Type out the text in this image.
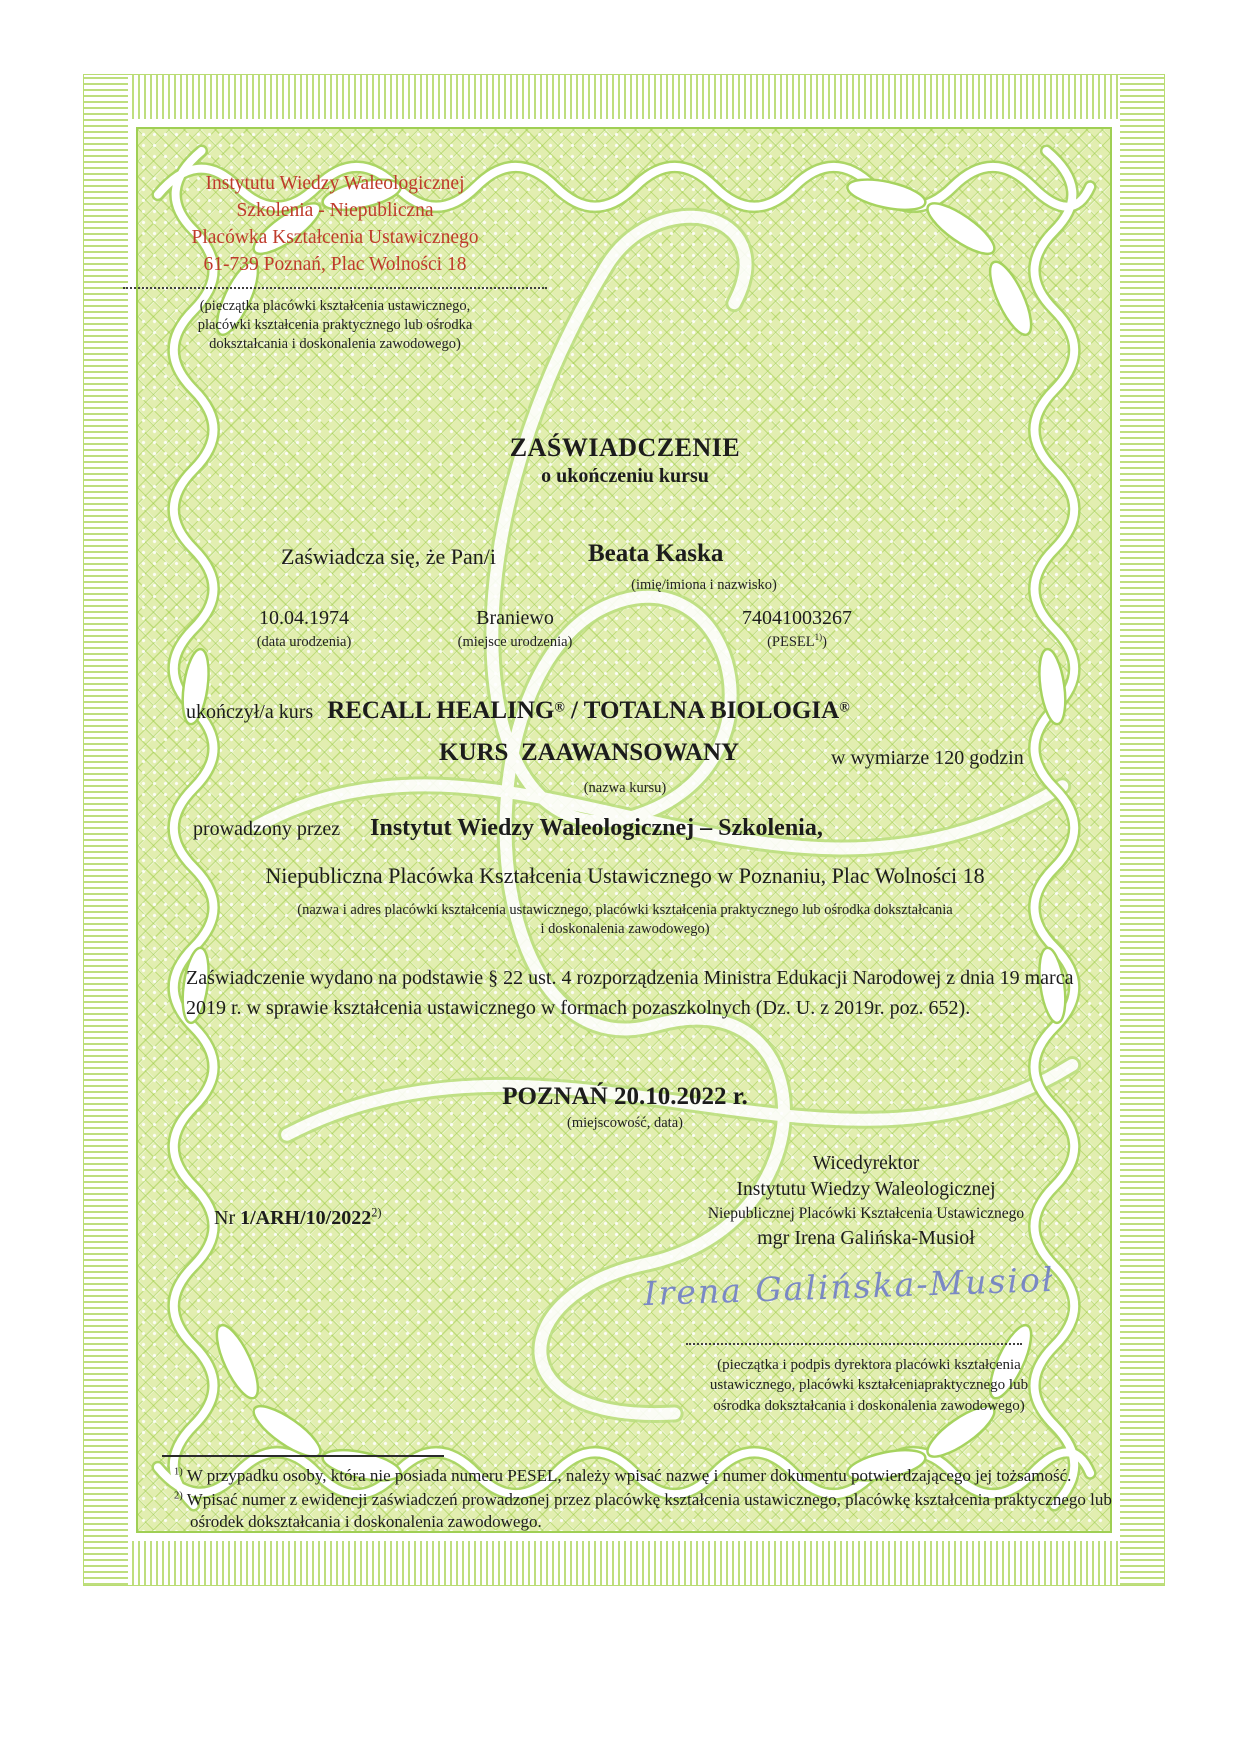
Instytutu Wiedzy Waleologicznej
Szkolenia - Niepubliczna
Placówka Kształcenia Ustawicznego
61-739 Poznań, Plac Wolności 18
(pieczątka placówki kształcenia ustawicznego,
placówki kształcenia praktycznego lub ośrodka
dokształcania i doskonalenia zawodowego)
ZAŚWIADCZENIE
o ukończeniu kursu
Zaświadcza się, że Pan/i	Beata Kaska
(imię/imiona i nazwisko)
10.04.1974
(data urodzenia)
Braniewo
(miejsce urodzenia)
74041003267
(PESEL$^{1)}$)
ukończył/a kurs RECALL HEALING® / TOTALNA BIOLOGIA®
KURS  ZAAWANSOWANY	w wymiarze 120 godzin
(nazwa kursu)
prowadzony przez Instytut Wiedzy Waleologicznej – Szkolenia,
Niepubliczna Placówka Kształcenia Ustawicznego w Poznaniu, Plac Wolności 18
(nazwa i adres placówki kształcenia ustawicznego, placówki kształcenia praktycznego lub ośrodka dokształcania
i doskonalenia zawodowego)
Zaświadczenie wydano na podstawie § 22 ust. 4 rozporządzenia Ministra Edukacji Narodowej z dnia 19 marca 2019 r. w sprawie kształcenia ustawicznego w formach pozaszkolnych (Dz. U. z 2019r. poz. 652).
POZNAŃ 20.10.2022 r.
(miejscowość, data)
Nr 1/ARH/10/2022$^{2)}$
Wicedyrektor
Instytutu Wiedzy Waleologicznej
Niepublicznej Placówki Kształcenia Ustawicznego
mgr Irena Galińska-Musioł
Irena Galińska-Musioł
(pieczątka i podpis dyrektora placówki kształcenia
ustawicznego, placówki kształceniapraktycznego lub
ośrodka dokształcania i doskonalenia zawodowego)
$^{1)}$ W przypadku osoby, która nie posiada numeru PESEL, należy wpisać nazwę i numer dokumentu potwierdzającego jej tożsamość.
$^{2)}$ Wpisać numer z ewidencji zaświadczeń prowadzonej przez placówkę kształcenia ustawicznego, placówkę kształcenia praktycznego lub ośrodek dokształcania i doskonalenia zawodowego.
